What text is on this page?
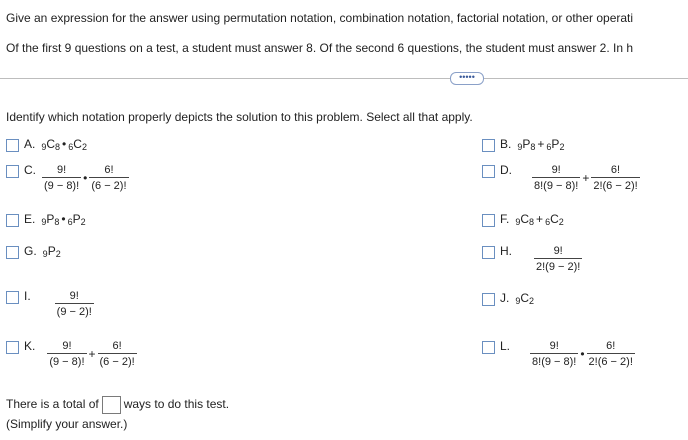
Give an expression for the answer using permutation notation, combination notation, factorial notation, or other operati
Of the first 9 questions on a test, a student must answer 8. Of the second 6 questions, the student must answer 2. In h
•••••
Identify which notation properly depicts the solution to this problem. Select all that apply.
A. $_9$ $C_8$ $•_6$ $C_2$	B. $_9$ $P_8 +_6$ $P_2$
C. $\frac{9!}{(9 - 8)!}$ • $\frac{6!}{(6 - 2)!}$	D. $\frac{9!}{8!(9 - 8)!} + \frac{6!}{2!(6 - 2)!}$
E. $_9$ $P_8$ $•_6$ $P_2$	F. $_9$ $C_8 +_6$ $C_2$
G. $_9$ $P_2$	H. $\frac{9!}{2!(9 - 2)!}$
I. $\frac{9!}{(9 - 2)!}$	J. $_9$ $C_2$
K. $\frac{9!}{(9 - 8)!} + \frac{6!}{(6 - 2)!}$	L. $\frac{9!}{8!(9 - 8)!}$ • $\frac{6!}{2!(6 - 2)!}$
There is a total of ways to do this test.
(Simplify your answer.)
